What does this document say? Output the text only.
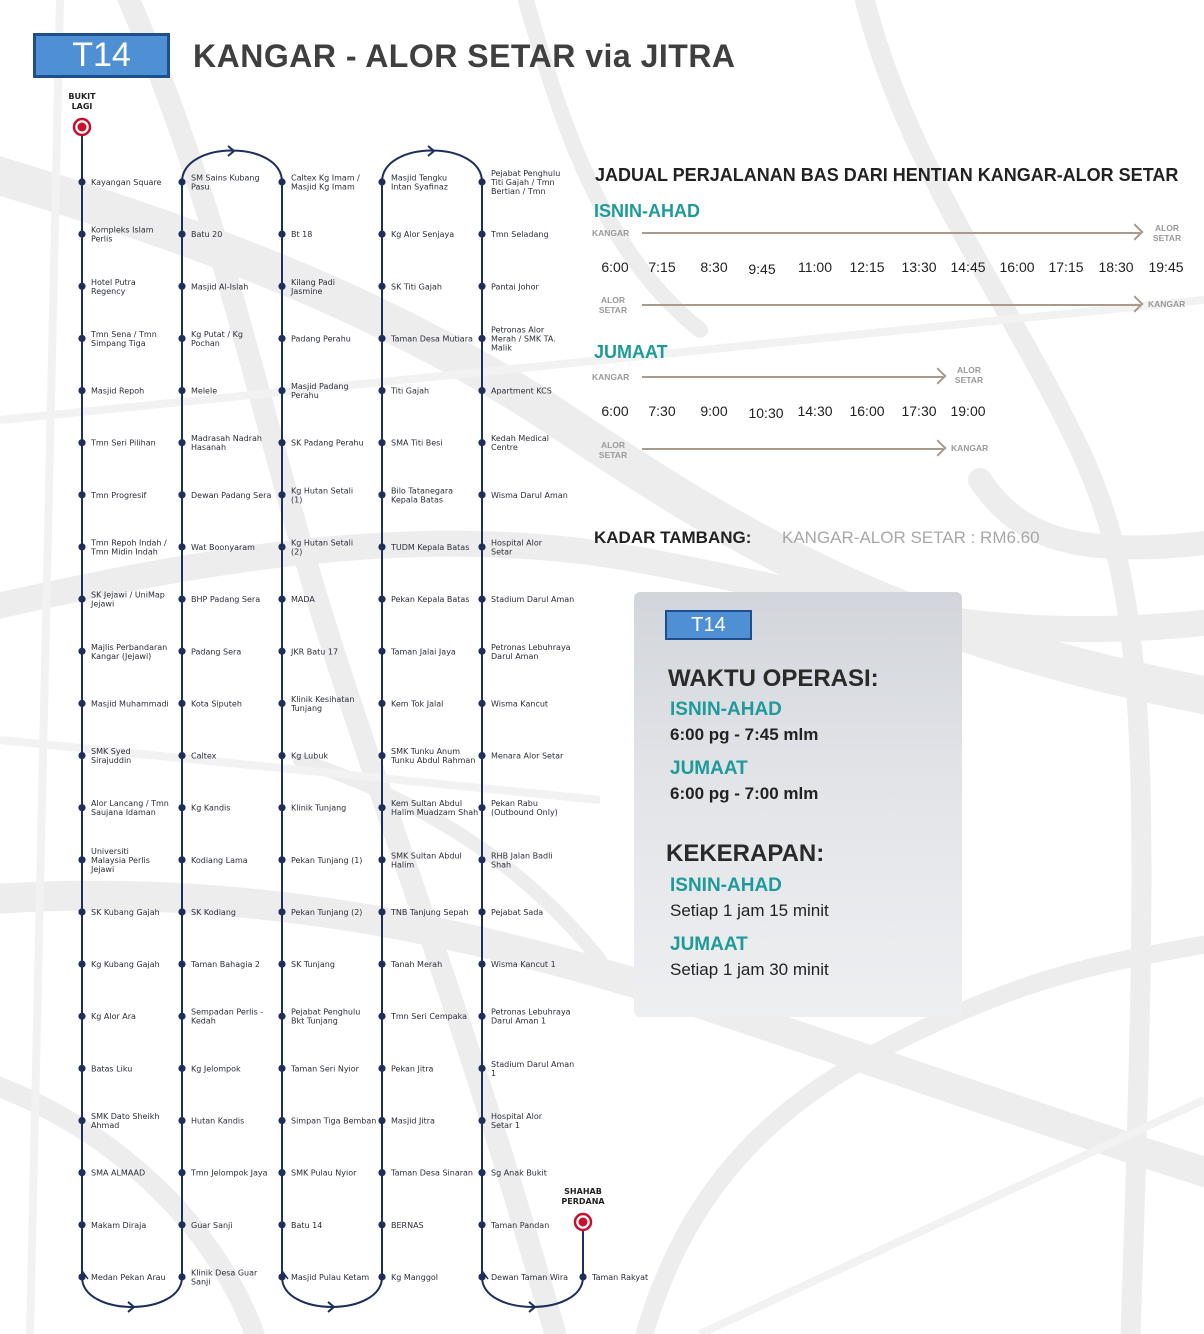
T14	KANGAR - ALOR SETAR via JITRA
Kayangan Square
Kompleks Islam Perlis
Hotel Putra Regency
Tmn Sena / Tmn Simpang Tiga
Masjid Repoh
Tmn Seri Pilihan
Tmn Progresif
Tmn Repoh Indah / Tmn Midin Indah
SK Jejawi / UniMap Jejawi
Majlis Perbandaran Kangar (Jejawi)
Masjid Muhammadi
SMK Syed Sirajuddin
Alor Lancang / Tmn Saujana Idaman
Universiti Malaysia Perlis Jejawi
SK Kubang Gajah
Kg Kubang Gajah
Kg Alor Ara
Batas Liku
SMK Dato Sheikh Ahmad
SMA ALMAAD
Makam Diraja
Medan Pekan Arau
SM Sains Kubang Pasu
Batu 20
Masjid Al-Islah
Kg Putat / Kg Pochan
Melele
Madrasah Nadrah Hasanah
Dewan Padang Sera
Wat Boonyaram
BHP Padang Sera
Padang Sera
Kota Siputeh
Caltex
Kg Kandis
Kodiang Lama
SK Kodiang
Taman Bahagia 2
Sempadan Perlis -Kedah
Kg Jelompok
Hutan Kandis
Tmn Jelompok Jaya
Guar Sanji
Klinik Desa Guar Sanji
Caltex Kg Imam / Masjid Kg Imam
Bt 18
Kilang Padi Jasmine
Padang Perahu
Masjid Padang Perahu
SK Padang Perahu
Kg Hutan Setali (1)
Kg Hutan Setali (2)
MADA
JKR Batu 17
Klinik Kesihatan Tunjang
Kg Lubuk
Klinik Tunjang
Pekan Tunjang (1)
Pekan Tunjang (2)
SK Tunjang
Pejabat Penghulu Bkt Tunjang
Taman Seri Nyior
Simpan Tiga Bemban
SMK Pulau Nyior
Batu 14
Masjid Pulau Ketam
Masjid Tengku Intan Syafinaz
Kg Alor Senjaya
SK Titi Gajah
Taman Desa Mutiara
Titi Gajah
SMA Titi Besi
Bilo Tatanegara Kepala Batas
TUDM Kepala Batas
Pekan Kepala Batas
Taman Jalai Jaya
Kem Tok Jalal
SMK Tunku Anum Tunku Abdul Rahman
Kem Sultan Abdul Halim Muadzam Shah
SMK Sultan Abdul Halim
TNB Tanjung Sepah
Tanah Merah
Tmn Seri Cempaka
Pekan Jitra
Masjid Jitra
Taman Desa Sinaran
BERNAS
Kg Manggol
Pejabat Penghulu Titi Gajah / Tmn Bertian / Tmn
Tmn Seladang
Pantai Johor
Petronas Alor Merah / SMK TA. Malik
Apartment KCS
Kedah Medical Centre
Wisma Darul Aman
Hospital Alor Setar
Stadium Darul Aman
Petronas Lebuhraya Darul Aman
Wisma Kancut
Menara Alor Setar
Pekan Rabu (Outbound Only)
RHB Jalan Badli Shah
Pejabat Sada
Wisma Kancut 1
Petronas Lebuhraya Darul Aman 1
Stadium Darul Aman 1
Hospital Alor Setar 1
Sg Anak Bukit
Taman Pandan
Dewan Taman Wira	Taman Rakyat
BUKIT LAGI
SHAHAB PERDANA
JADUAL PERJALANAN BAS DARI HENTIAN KANGAR-ALOR SETAR
ISNIN-AHAD
KANGAR	ALOR SETAR
6:00 7:15 8:30 9:45 11:00 12:15 13:30 14:45 16:00 17:15 18:30 19:45
ALOR SETAR
KANGAR
JUMAAT
KANGAR
ALOR SETAR
6:00 7:30 9:00 10:30 14:30 16:00 17:30 19:00
ALOR SETAR
KANGAR
KADAR TAMBANG: KANGAR-ALOR SETAR : RM6.60
T14
WAKTU OPERASI:
ISNIN-AHAD
6:00 pg - 7:45 mlm
JUMAAT
6:00 pg - 7:00 mlm
KEKERAPAN:
ISNIN-AHAD
Setiap 1 jam 15 minit
JUMAAT
Setiap 1 jam 30 minit
